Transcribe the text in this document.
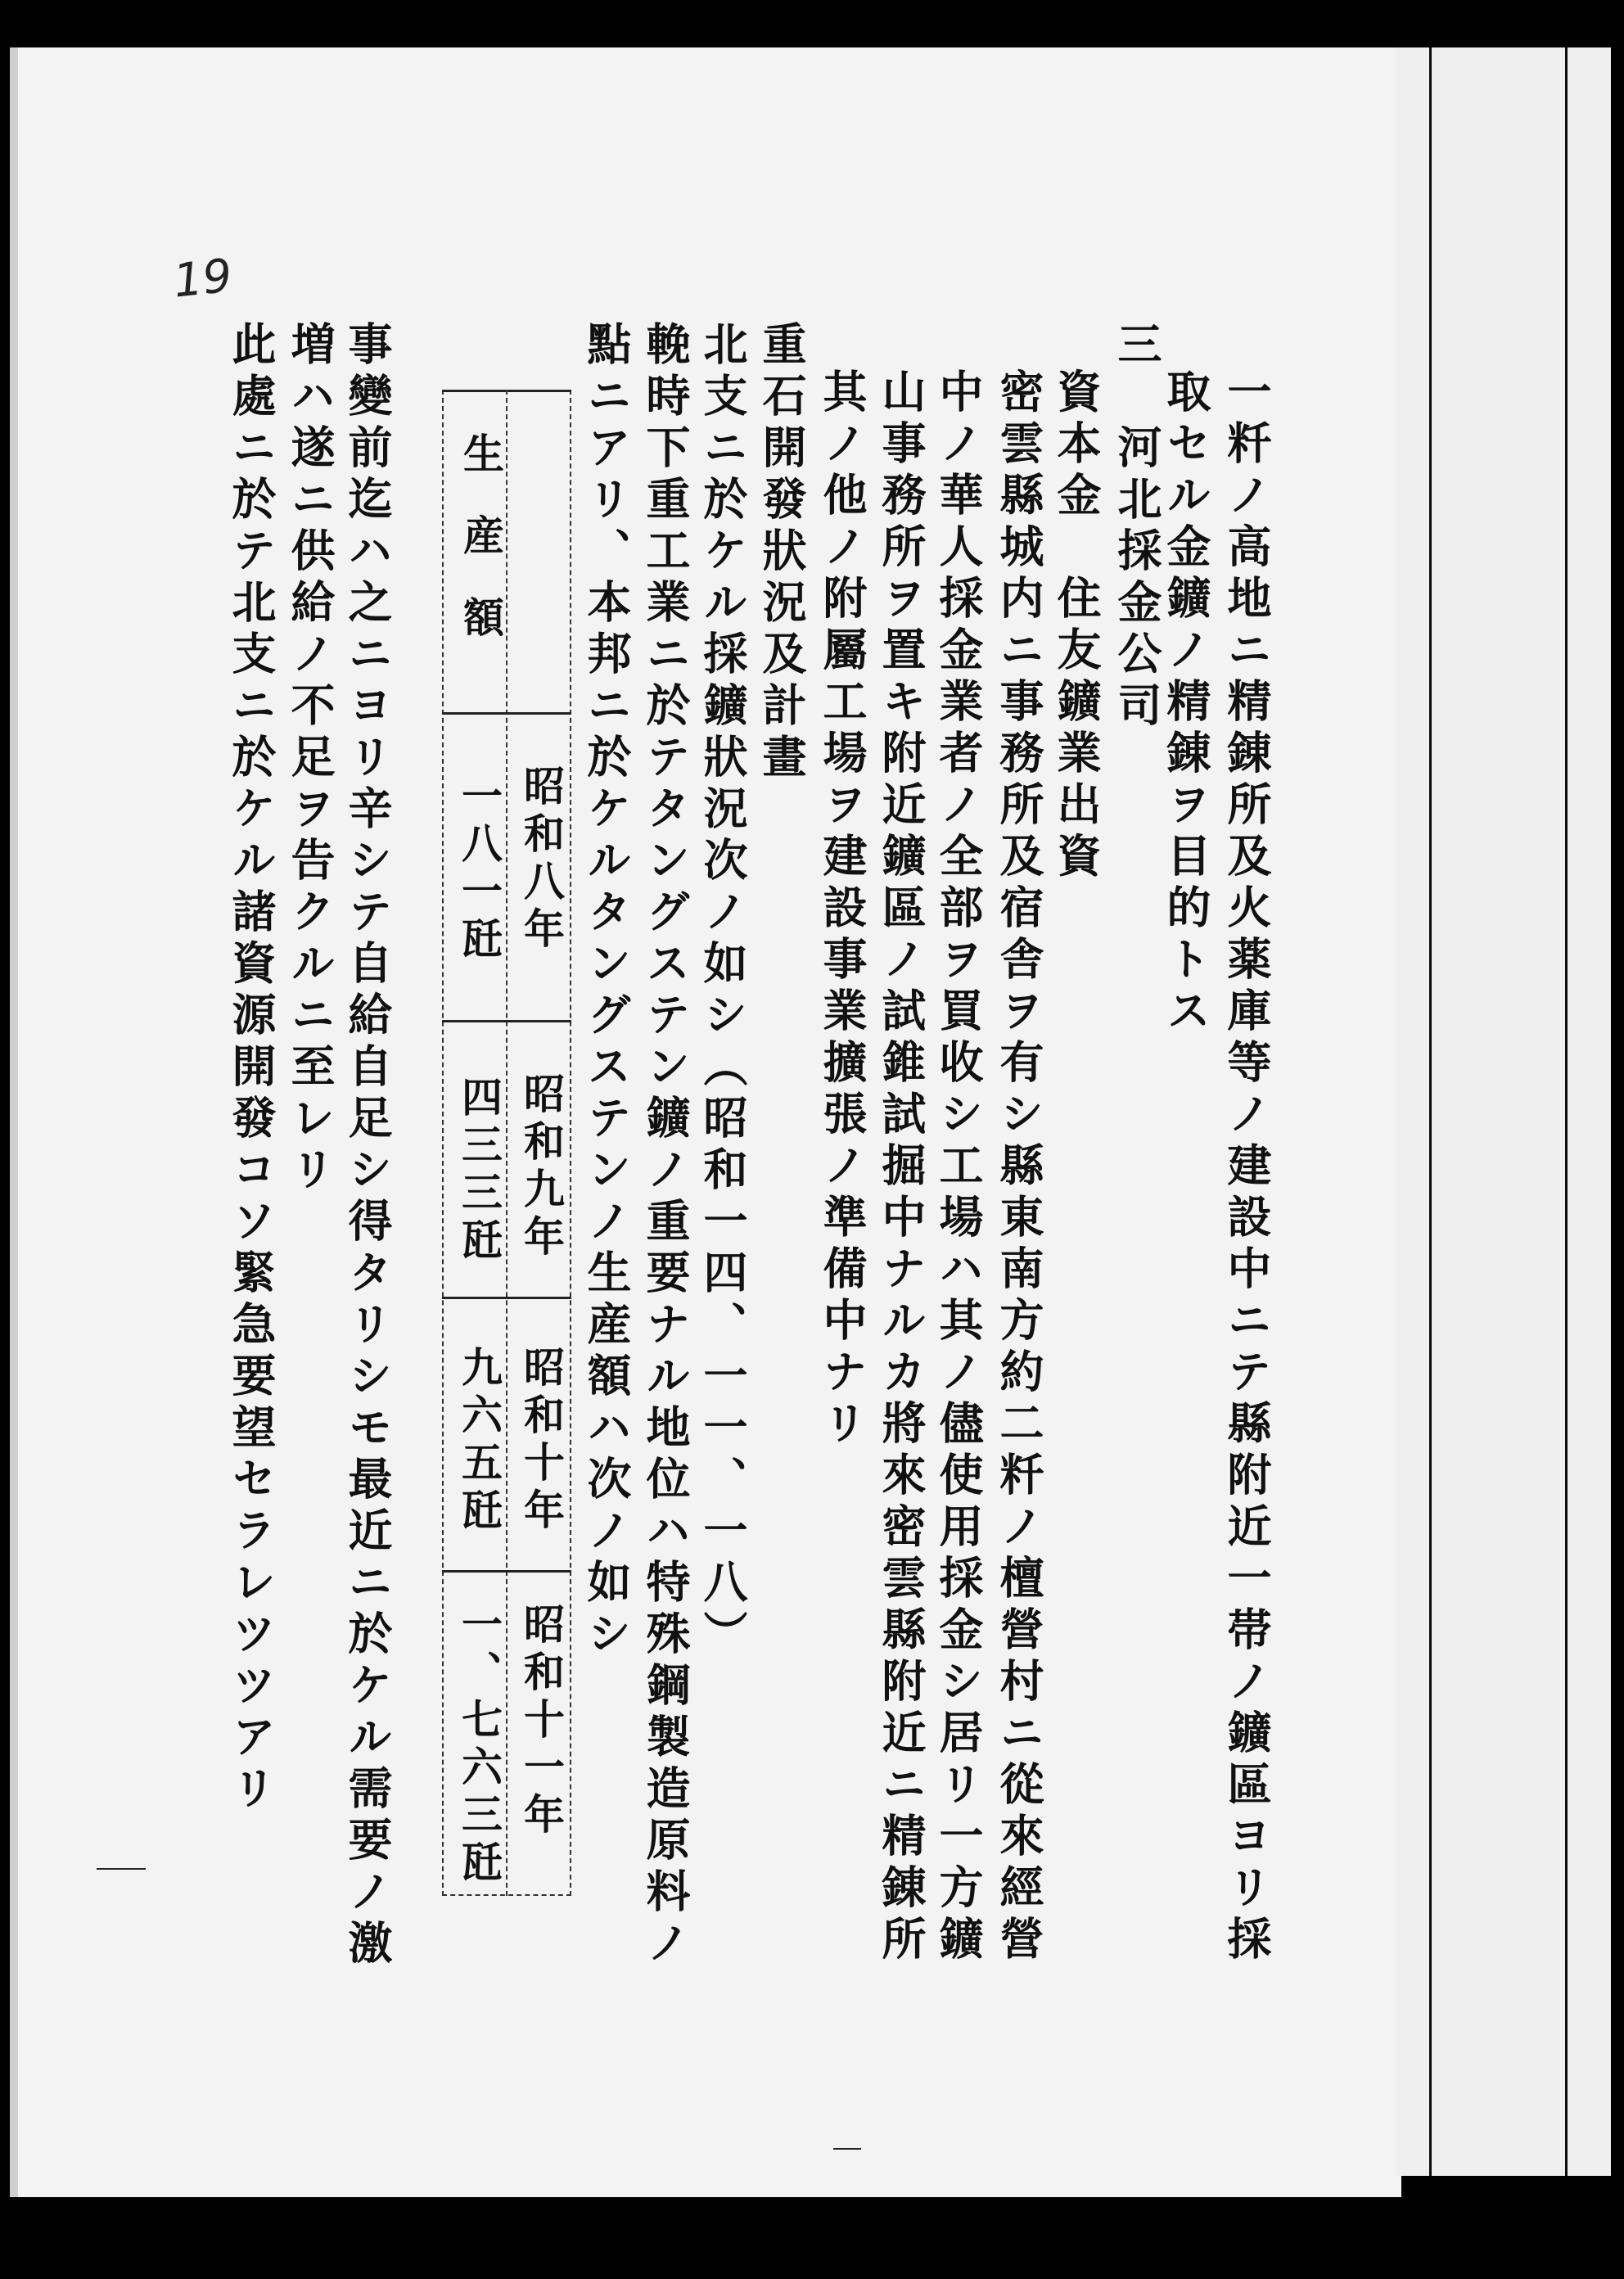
19
一粁ノ高地ニ精錬所及火薬庫等ノ建設中ニテ縣附近一帯ノ鑛區ヨリ採
取セル金鑛ノ精錬ヲ目的トス
三　河北採金公司
資本金　住友鑛業出資
密雲縣城内ニ事務所及宿舎ヲ有シ縣東南方約二粁ノ檀營村ニ從來經營
中ノ華人採金業者ノ全部ヲ買收シ工場ハ其ノ儘使用採金シ居リ一方鑛
山事務所ヲ置キ附近鑛區ノ試錐試掘中ナルカ將來密雲縣附近ニ精錬所
其ノ他ノ附屬工場ヲ建設事業擴張ノ準備中ナリ
重石開發狀況及計畫
北支ニ於ケル採鑛狀況次ノ如シ（昭和一四、一一、一八）
輓時下重工業ニ於テタングステン鑛ノ重要ナル地位ハ特殊鋼製造原料ノ
點ニアリ、本邦ニ於ケルタングステンノ生産額ハ次ノ如シ
生産額
昭和八年
昭和九年
昭和十年
昭和十一年
一八一瓩
四三三瓩
九六五瓩
一、七六三瓩
事變前迄ハ之ニヨリ辛シテ自給自足シ得タリシモ最近ニ於ケル需要ノ激
増ハ遂ニ供給ノ不足ヲ告クルニ至レリ
此處ニ於テ北支ニ於ケル諸資源開發コソ緊急要望セラレツツアリ
